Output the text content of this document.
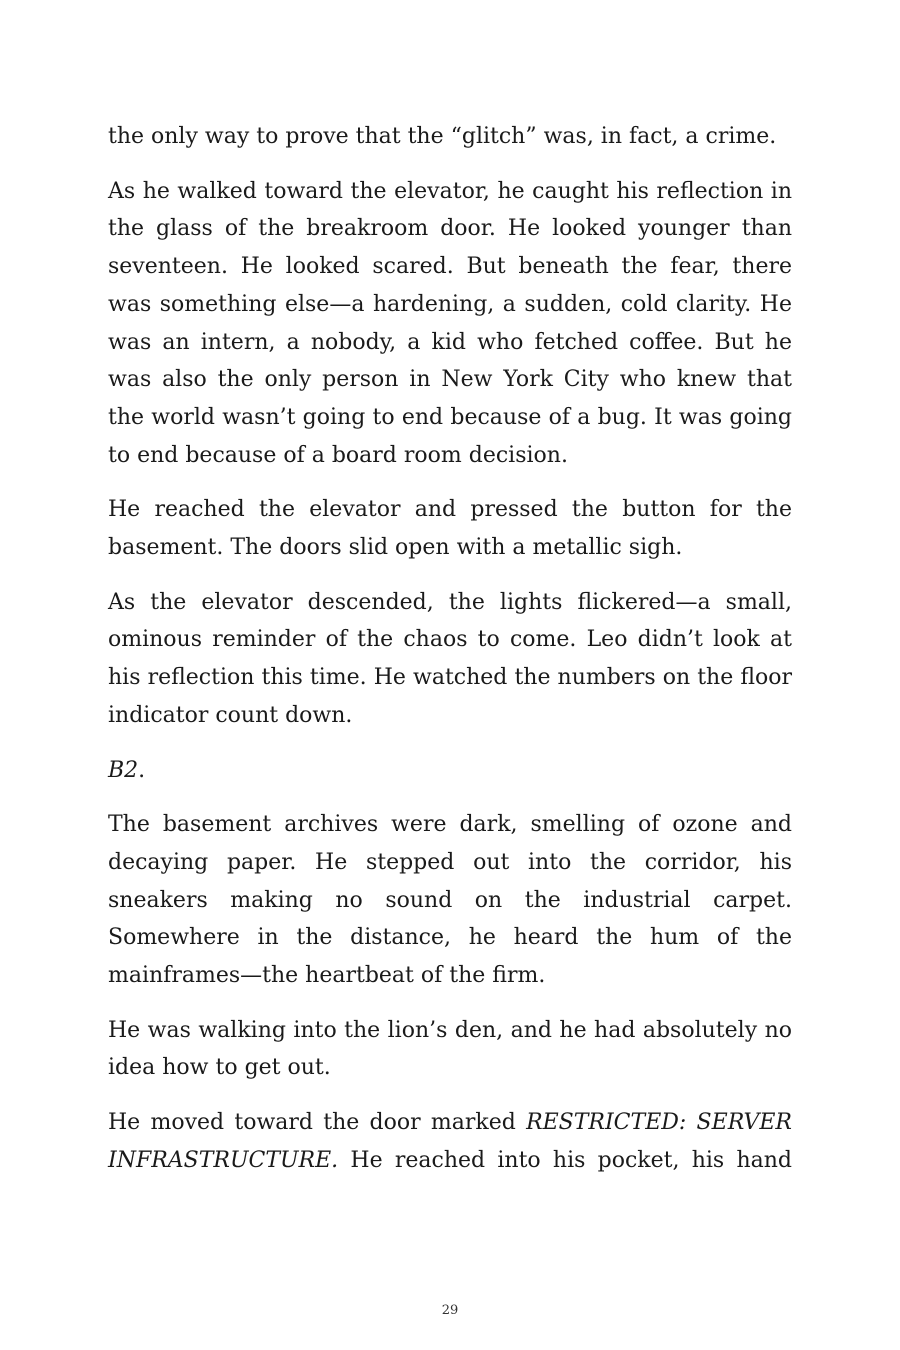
the only way to prove that the “glitch” was, in fact, a crime.

As he walked toward the elevator, he caught his reflection in the glass of the breakroom door. He looked younger than seventeen. He looked scared. But beneath the fear, there was something else—a hardening, a sudden, cold clarity. He was an intern, a nobody, a kid who fetched coffee. But he was also the only person in New York City who knew that the world wasn’t going to end because of a bug. It was going to end because of a board room decision.

He reached the elevator and pressed the button for the basement. The doors slid open with a metallic sigh.

As the elevator descended, the lights flickered—a small, ominous reminder of the chaos to come. Leo didn’t look at his reflection this time. He watched the numbers on the floor indicator count down.

B2.

The basement archives were dark, smelling of ozone and decaying paper. He stepped out into the corridor, his sneakers making no sound on the industrial carpet. Somewhere in the distance, he heard the hum of the mainframes—the heartbeat of the firm.

He was walking into the lion’s den, and he had absolutely no idea how to get out.

He moved toward the door marked RESTRICTED: SERVER INFRASTRUCTURE. He reached into his pocket, his hand

29
